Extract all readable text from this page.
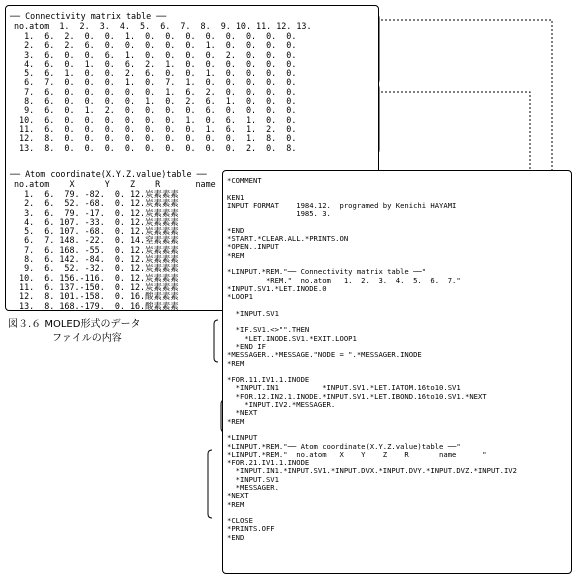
── Connectivity matrix table ──
no.atom  1.  2.  3.  4.  5.  6.  7.  8.  9. 10. 11. 12. 13.
1.  6.  2.  0.  0.  1.  0.  0.  0.  0.  0.  0.  0.  0.
2.  6.  2.  6.  0.  0.  0.  0.  0.  1.  0.  0.  0.  0.
3.  6.  0.  0.  6.  1.  0.  0.  0.  0.  2.  0.  0.  0.
4.  6.  0.  1.  0.  6.  2.  1.  0.  0.  0.  0.  0.  0.
5.  6.  1.  0.  0.  2.  6.  0.  0.  1.  0.  0.  0.  0.
6.  7.  0.  0.  0.  1.  0.  7.  1.  0.  0.  0.  0.  0.
7.  6.  0.  0.  0.  0.  0.  1.  6.  2.  0.  0.  0.  0.
8.  6.  0.  0.  0.  0.  1.  0.  2.  6.  1.  0.  0.  0.
9.  6.  0.  1.  2.  0.  0.  0.  0.  6.  0.  0.  0.  0.
10.  6.  0.  0.  0.  0.  0.  0.  1.  0.  6.  1.  0.  0.
11.  6.  0.  0.  0.  0.  0.  0.  0.  1.  6.  1.  2.  0.
12.  8.  0.  0.  0.  0.  0.  0.  0.  0.  0.  1.  8.  0.
13.  8.  0.  0.  0.  0.  0.  0.  0.  0.  0.  2.  0.  8.
── Atom coordinate(X.Y.Z.value)table ──
no.atom    X      Y    Z    R       name
1.  6.  79. -82.  0. 12.炭素素素
2.  6.  52. -68.  0. 12.炭素素素
3.  6.  79. -17.  0. 12.炭素素素
4.  6. 107. -33.  0. 12.炭素素素
5.  6. 107. -68.  0. 12.炭素素素
6.  7. 148. -22.  0. 14.窒素素素
7.  6. 168. -55.  0. 12.炭素素素
8.  6. 142. -84.  0. 12.炭素素素
9.  6.  52. -32.  0. 12.炭素素素
10.  6. 156.-116.  0. 12.炭素素素
11.  6. 137.-150.  0. 12.炭素素素
12.  8. 101.-158.  0. 16.酸素素素
13.  8. 168.-179.  0. 16.酸素素素
図３.６ MOLED形式のデータ
ファイルの内容
*COMMENT

KEN1
INPUT FORMAT    1984.12.  programed by Kenichi HAYAMI
1985. 3.

*END
*START.*CLEAR.ALL.*PRINTS.ON
*OPEN..INPUT
*REM

*LINPUT.*REM."── Connectivity matrix table ──"
*REM."  no.atom   1.  2.  3.  4.  5.  6.  7."
*INPUT.SV1.*LET.INODE.0
*LOOP1

*INPUT.SV1

*IF.SV1.<>"".THEN
*LET.INODE.SV1.*EXIT.LOOP1
*END IF
*MESSAGER..*MESSAGE."NODE = ".*MESSAGER.INODE
*REM

*FOR.11.IV1.1.INODE
*INPUT.IN1          *INPUT.SV1.*LET.IATOM.16to10.SV1
*FOR.12.IN2.1.INODE.*INPUT.SV1.*LET.IBOND.16to10.SV1.*NEXT
*INPUT.IV2.*MESSAGER.
*NEXT
*REM

*LINPUT
*LINPUT.*REM."── Atom coordinate(X.Y.Z.value)table ──"
*LINPUT.*REM."  no.atom   X    Y    Z    R       name      "
*FOR.21.IV1.1.INODE
*INPUT.IN1.*INPUT.SV1.*INPUT.DVX.*INPUT.DVY.*INPUT.DVZ.*INPUT.IV2
*INPUT.SV1
*MESSAGER.
*NEXT
*REM

*CLOSE
*PRINTS.OFF
*END
